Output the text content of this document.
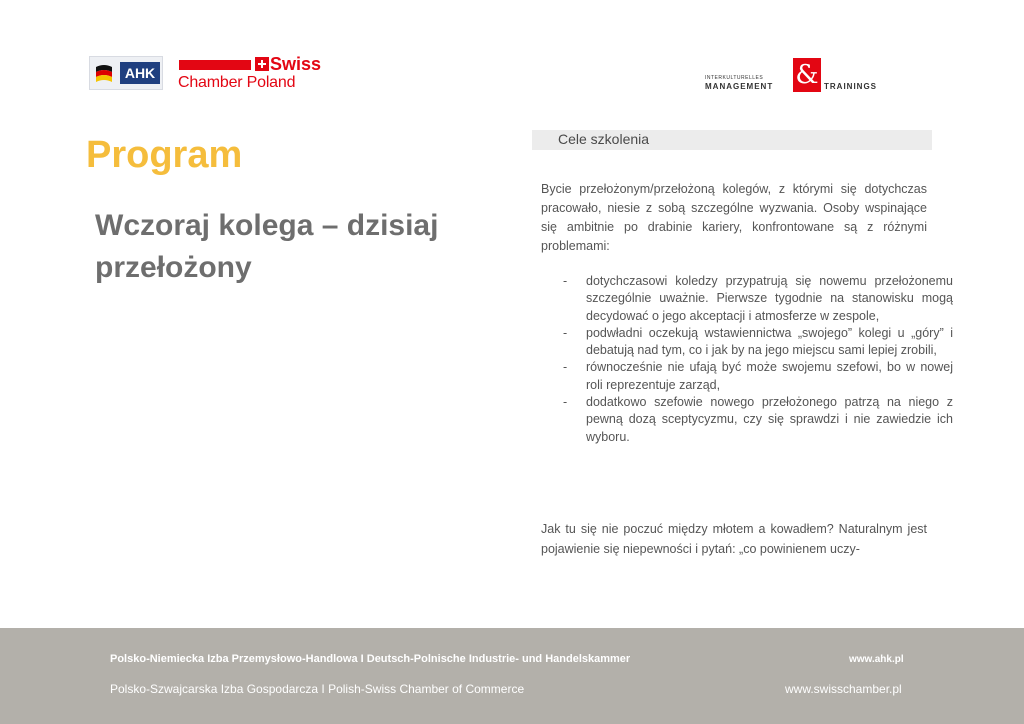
AHK	Swiss
Chamber Poland	INTERKULTURELLES
MANAGEMENT & TRAININGS
Program
Wczoraj kolega – dzisiaj
przełożony
Cele szkolenia
Bycie przełożonym/przełożoną kolegów, z którymi się dotychczas pracowało, niesie z sobą szczególne wyzwania. Osoby wspinające się ambitnie po drabinie kariery, konfrontowane są z różnymi problemami:
- dotychczasowi koledzy przypatrują się nowemu przełożonemu szczególnie uważnie. Pierwsze tygodnie na stanowisku mogą decydować o jego akceptacji i atmosferze w zespole,
- podwładni oczekują wstawiennictwa „swojego” kolegi u „góry” i debatują nad tym, co i jak by na jego miejscu sami lepiej zrobili,
- równocześnie nie ufają być może swojemu szefowi, bo w nowej roli reprezentuje zarząd,
- dodatkowo szefowie nowego przełożonego patrzą na niego z pewną dozą sceptycyzmu, czy się sprawdzi i nie zawiedzie ich wyboru.
Jak tu się nie poczuć między młotem a kowadłem? Naturalnym jest pojawienie się niepewności i pytań: „co powinienem uczy-
Polsko-Niemiecka Izba Przemysłowo-Handlowa I Deutsch-Polnische Industrie- und Handelskammer	www.ahk.pl
Polsko-Szwajcarska Izba Gospodarcza I Polish-Swiss Chamber of Commerce	www.swisschamber.pl
